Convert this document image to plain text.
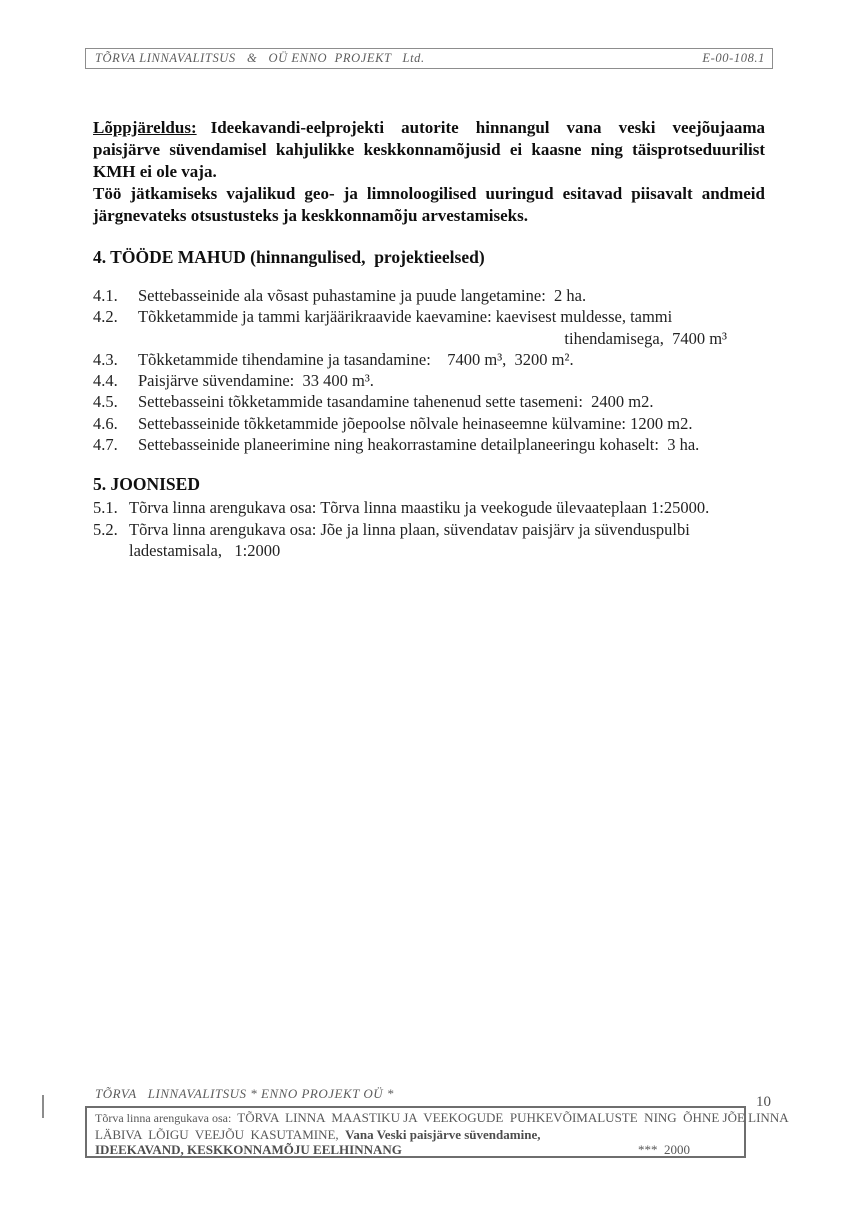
TÕRVA LINNAVALITSUS   &   OÜ ENNO  PROJEKT   Ltd.	E-00-108.1

Lõppjäreldus: Ideekavandi-eelprojekti autorite hinnangul vana veski veejõujaama paisjärve süvendamisel kahjulikke keskkonnamõjusid ei kaasne ning täisprotseduurilist KMH ei ole vaja.

Töö jätkamiseks vajalikud geo- ja limnoloogilised uuringud esitavad piisavalt andmeid järgnevateks otsustusteks ja keskkonnamõju arvestamiseks.

4. TÖÖDE MAHUD (hinnangulised,  projektieelsed)
4.1.	Settebasseinide ala võsast puhastamine ja puude langetamine:  2 ha.
4.2.	Tõkketammide ja tammi karjäärikraavide kaevamine: kaevisest muldesse, tammi
tihendamisega,  7400 m³
4.3.	Tõkketammide tihendamine ja tasandamine:    7400 m³,  3200 m².
4.4.	Paisjärve süvendamine:  33 400 m³.
4.5.	Settebasseini tõkketammide tasandamine tahenenud sette tasemeni:  2400 m2.
4.6.	Settebasseinide tõkketammide jõepoolse nõlvale heinaseemne külvamine: 1200 m2.
4.7.	Settebasseinide planeerimine ning heakorrastamine detailplaneeringu kohaselt:  3 ha.
5. JOONISED
5.1. Tõrva linna arengukava osa: Tõrva linna maastiku ja veekogude ülevaateplaan 1:25000.
5.2. Tõrva linna arengukava osa: Jõe ja linna plaan, süvendatav paisjärv ja süvenduspulbi
ladestamisala,   1:2000
TÕRVA   LINNAVALITSUS * ENNO PROJEKT OÜ *
Tõrva linna arengukava osa: TÕRVA  LINNA  MAASTIKU JA  VEEKOGUDE  PUHKEVÕIMALUSTE  NING  ÕHNE JÕE LINNA
LÄBIVA  LÕIGU  VEEJÕU  KASUTAMINE, Vana Veski paisjärve süvendamine,
IDEEKAVAND, KESKKONNAMÕJU EELHINNANG	***  2000
10
